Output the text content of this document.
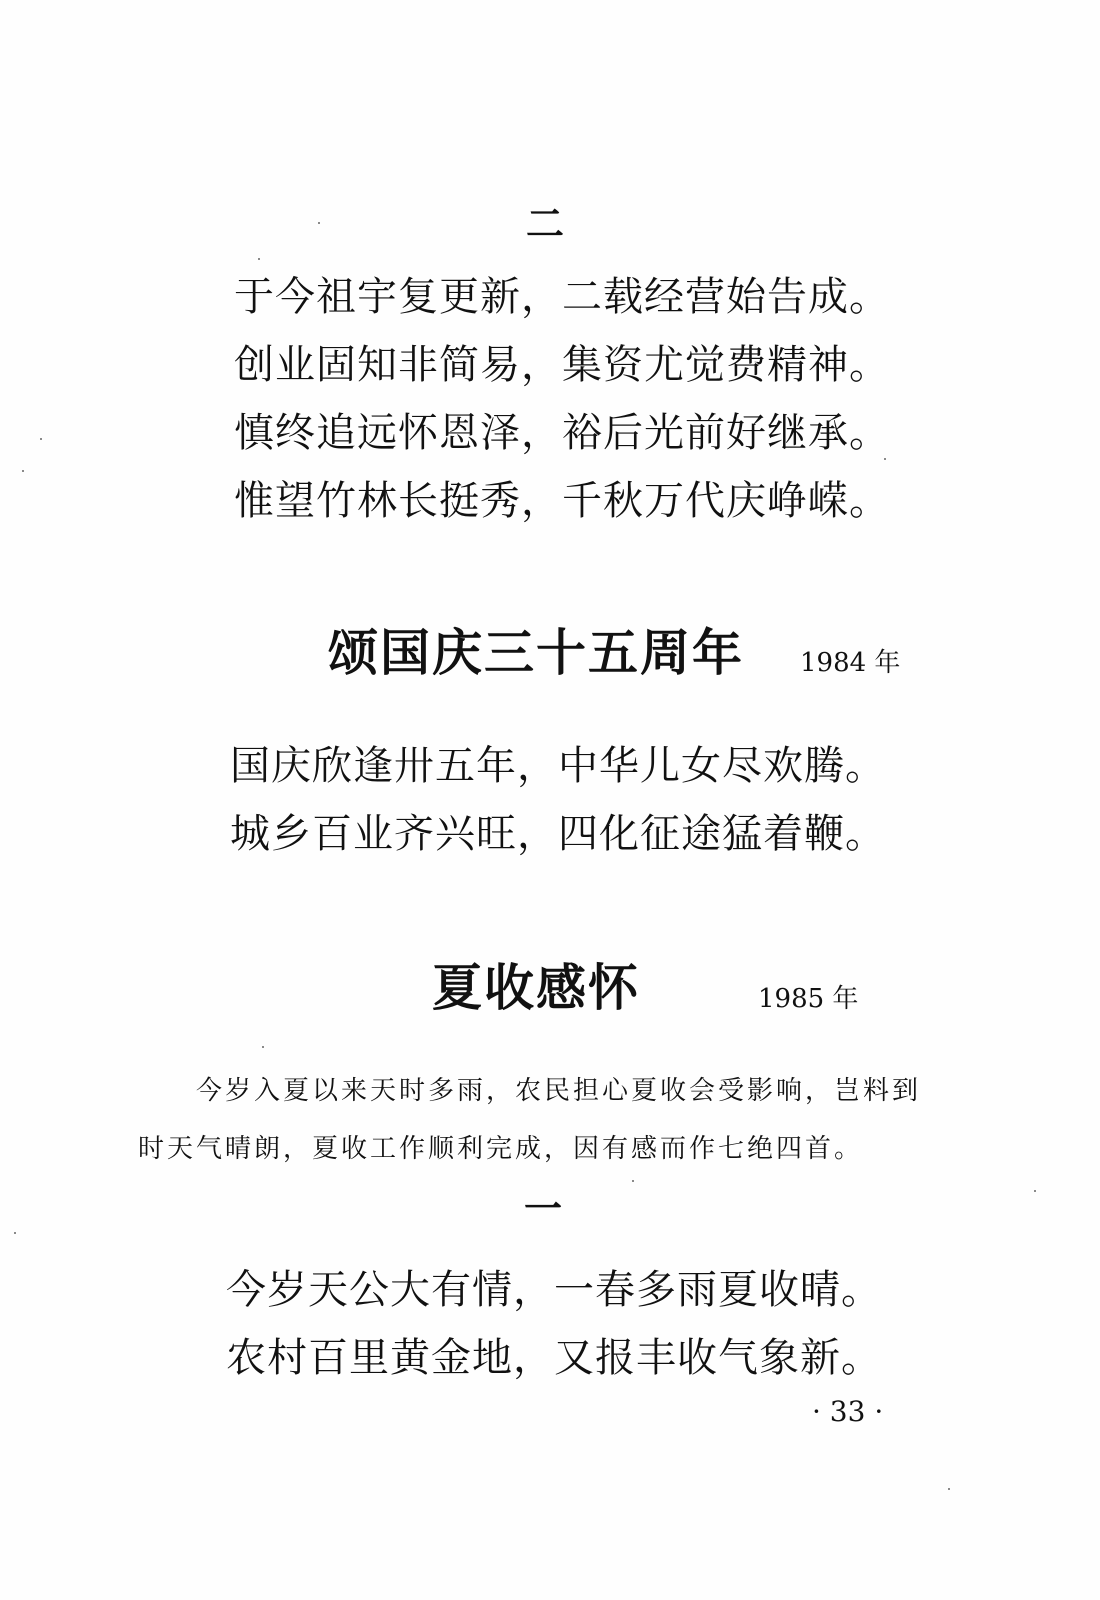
二
于今祖宇复更新，二载经营始告成。
创业固知非简易，集资尤觉费精神。
慎终追远怀恩泽，裕后光前好继承。
惟望竹林长挺秀，千秋万代庆峥嵘。
颂国庆三十五周年 1984 年
国庆欣逢卅五年，中华儿女尽欢腾。
城乡百业齐兴旺，四化征途猛着鞭。
夏收感怀	1985 年
今岁入夏以来天时多雨，农民担心夏收会受影响，岂料到
时天气晴朗，夏收工作顺利完成，因有感而作七绝四首。
一
今岁天公大有情，一春多雨夏收晴。
农村百里黄金地，又报丰收气象新。
· 33 ·
